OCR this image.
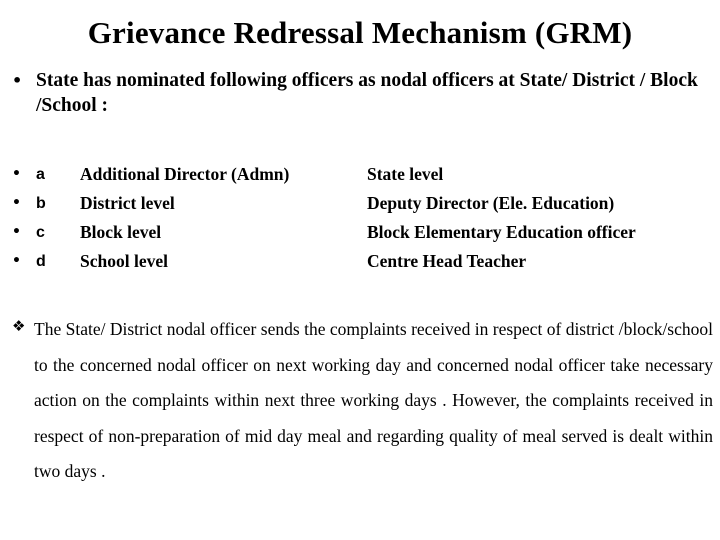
Grievance Redressal Mechanism (GRM)
• State has nominated following officers as nodal officers at State/ District / Block /School :
• a Additional Director (Admn)	State level
• b District level	Deputy Director (Ele. Education)
• c Block level	Block Elementary Education officer
• d School level	Centre Head Teacher
❖ The State/ District nodal officer sends the complaints received in respect of district /block/school to the concerned nodal officer on next working day and concerned nodal officer take necessary action on the complaints within next three working days . However, the complaints received in respect of non-preparation of mid day meal and regarding quality of meal served is dealt within two days .
